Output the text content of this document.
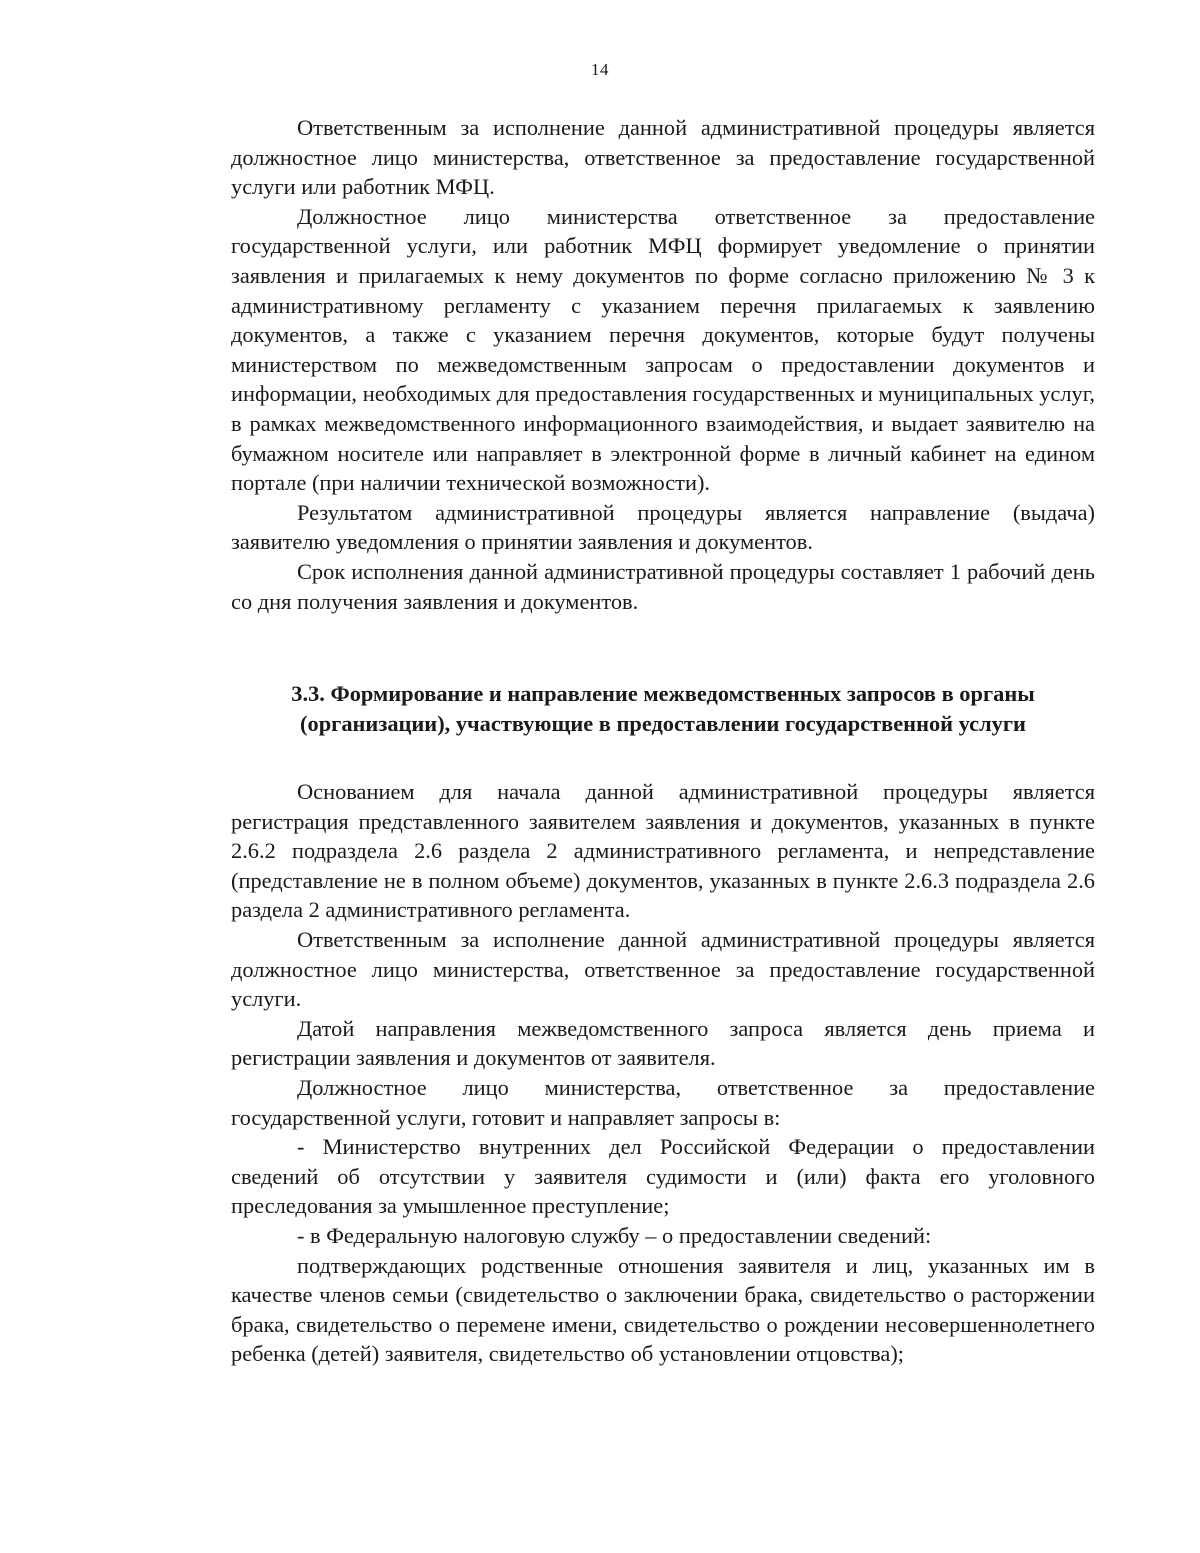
14

Ответственным за исполнение данной административной процедуры является должностное лицо министерства, ответственное за предоставление государственной услуги или работник МФЦ.

Должностное лицо министерства ответственное за предоставление государственной услуги, или работник МФЦ формирует уведомление о принятии заявления и прилагаемых к нему документов по форме согласно приложению № 3 к административному регламенту с указанием перечня прилагаемых к заявлению документов, а также с указанием перечня документов, которые будут получены министерством по межведомственным запросам о предоставлении документов и информации, необходимых для предоставления государственных и муниципальных услуг, в рамках межведомственного информационного взаимодействия, и выдает заявителю на бумажном носителе или направляет в электронной форме в личный кабинет на едином портале (при наличии технической возможности).

Результатом административной процедуры является направление (выдача) заявителю уведомления о принятии заявления и документов.

Срок исполнения данной административной процедуры составляет 1 рабочий день со дня получения заявления и документов.

3.3. Формирование и направление межведомственных запросов в органы
(организации), участвующие в предоставлении государственной услуги

Основанием для начала данной административной процедуры является регистрация представленного заявителем заявления и документов, указанных в пункте 2.6.2 подраздела 2.6 раздела 2 административного регламента, и непредставление (представление не в полном объеме) документов, указанных в пункте 2.6.3 подраздела 2.6 раздела 2 административного регламента.

Ответственным за исполнение данной административной процедуры является должностное лицо министерства, ответственное за предоставление государственной услуги.

Датой направления межведомственного запроса является день приема и регистрации заявления и документов от заявителя.

Должностное лицо министерства, ответственное за предоставление государственной услуги, готовит и направляет запросы в:

- Министерство внутренних дел Российской Федерации о предоставлении сведений об отсутствии у заявителя судимости и (или) факта его уголовного преследования за умышленное преступление;

- в Федеральную налоговую службу – о предоставлении сведений:

подтверждающих родственные отношения заявителя и лиц, указанных им в качестве членов семьи (свидетельство о заключении брака, свидетельство о расторжении брака, свидетельство о перемене имени, свидетельство о рождении несовершеннолетнего ребенка (детей) заявителя, свидетельство об установлении отцовства);
